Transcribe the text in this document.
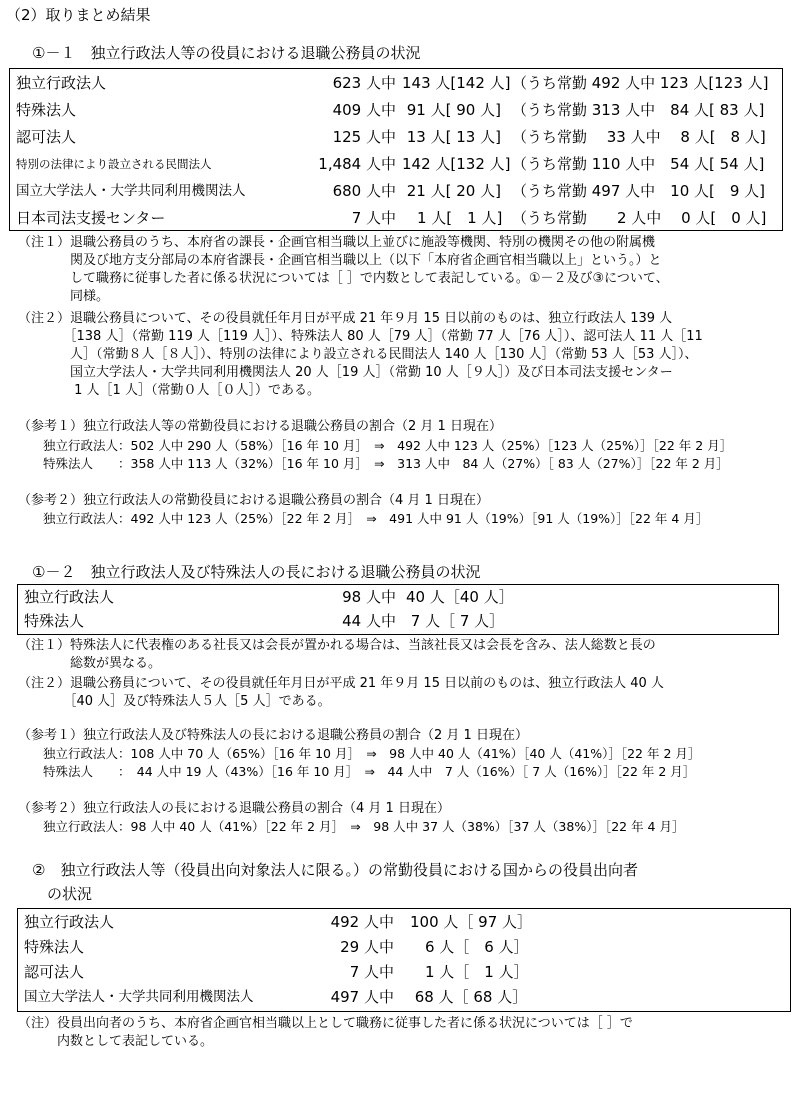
（2）取りまとめ結果
①－１　独立行政法人等の役員における退職公務員の状況
独立行政法人	623 人中 143 人[142 人] （うち常勤 492 人中 123 人[123 人]
特殊法人	409 人中 91 人[ 90 人] （うち常勤 313 人中　84 人[ 83 人]
認可法人	125 人中 13 人[ 13 人] （うち常勤　 33 人中　 8 人[　8 人]
特別の法律により設立される民間法人	1,484 人中 142 人[132 人] （うち常勤 110 人中　54 人[ 54 人]
国立大学法人・大学共同利用機関法人	680 人中 21 人[ 20 人] （うち常勤 497 人中　10 人[　9 人]
日本司法支援センター	7 人中 　1 人[　1 人] （うち常勤　　2 人中　 0 人[　0 人]
（注１）退職公務員のうち、本府省の課長・企画官相当職以上並びに施設等機関、特別の機関その他の附属機
　　　　関及び地方支分部局の本府省課長・企画官相当職以上（以下「本府省企画官相当職以上」という。）と
　　　　して職務に従事した者に係る状況については［ ］で内数として表記している。①－２及び③について、
　　　　同様。
（注２）退職公務員について、その役員就任年月日が平成 21 年９月 15 日以前のものは、独立行政法人 139 人
　　　　［138 人］（常勤 119 人［119 人］）、特殊法人 80 人［79 人］（常勤 77 人［76 人］）、認可法人 11 人［11
　　　　人］（常勤８人［８人］）、特別の法律により設立される民間法人 140 人［130 人］（常勤 53 人［53 人］）、
　　　　国立大学法人・大学共同利用機関法人 20 人［19 人］（常勤 10 人［９人］）及び日本司法支援センター
　　　　 1 人［1 人］（常勤０人［０人］）である。
（参考１）独立行政法人等の常勤役員における退職公務員の割合（2 月 1 日現在）
　　独立行政法人：502 人中 290 人（58%）［16 年 10 月］　⇒　492 人中 123 人（25%）［123 人（25%）］［22 年 2 月］
　　特殊法人　　：358 人中 113 人（32%）［16 年 10 月］　⇒　313 人中　84 人（27%）［ 83 人（27%）］［22 年 2 月］
（参考２）独立行政法人の常勤役員における退職公務員の割合（4 月 1 日現在）
　　独立行政法人：492 人中 123 人（25%）［22 年 2 月］　⇒　491 人中 91 人（19%）［91 人（19%）］［22 年 4 月］
①－２　独立行政法人及び特殊法人の長における退職公務員の状況
独立行政法人	98 人中 40 人［40 人］
特殊法人	44 人中 7 人［ 7 人］
（注１）特殊法人に代表権のある社長又は会長が置かれる場合は、当該社長又は会長を含み、法人総数と長の
　　　　総数が異なる。
（注２）退職公務員について、その役員就任年月日が平成 21 年９月 15 日以前のものは、独立行政法人 40 人
　　　　［40 人］及び特殊法人５人［5 人］である。
（参考１）独立行政法人及び特殊法人の長における退職公務員の割合（2 月 1 日現在）
　　独立行政法人：108 人中 70 人（65%）［16 年 10 月］　⇒　98 人中 40 人（41%）［40 人（41%）］［22 年 2 月］
　　特殊法人　　：　44 人中 19 人（43%）［16 年 10 月］　⇒　44 人中　7 人（16%）［ 7 人（16%）］［22 年 2 月］
（参考２）独立行政法人の長における退職公務員の割合（4 月 1 日現在）
　　独立行政法人：98 人中 40 人（41%）［22 年 2 月］　⇒　98 人中 37 人（38%）［37 人（38%）］［22 年 4 月］
②　独立行政法人等（役員出向対象法人に限る。）の常勤役員における国からの役員出向者
　の状況
独立行政法人	492 人中 100 人［ 97 人］
特殊法人	29 人中 　6 人［　6 人］
認可法人	7 人中 　1 人［　1 人］
国立大学法人・大学共同利用機関法人	497 人中 68 人［ 68 人］
（注）役員出向者のうち、本府省企画官相当職以上として職務に従事した者に係る状況については［ ］で
　　　内数として表記している。
